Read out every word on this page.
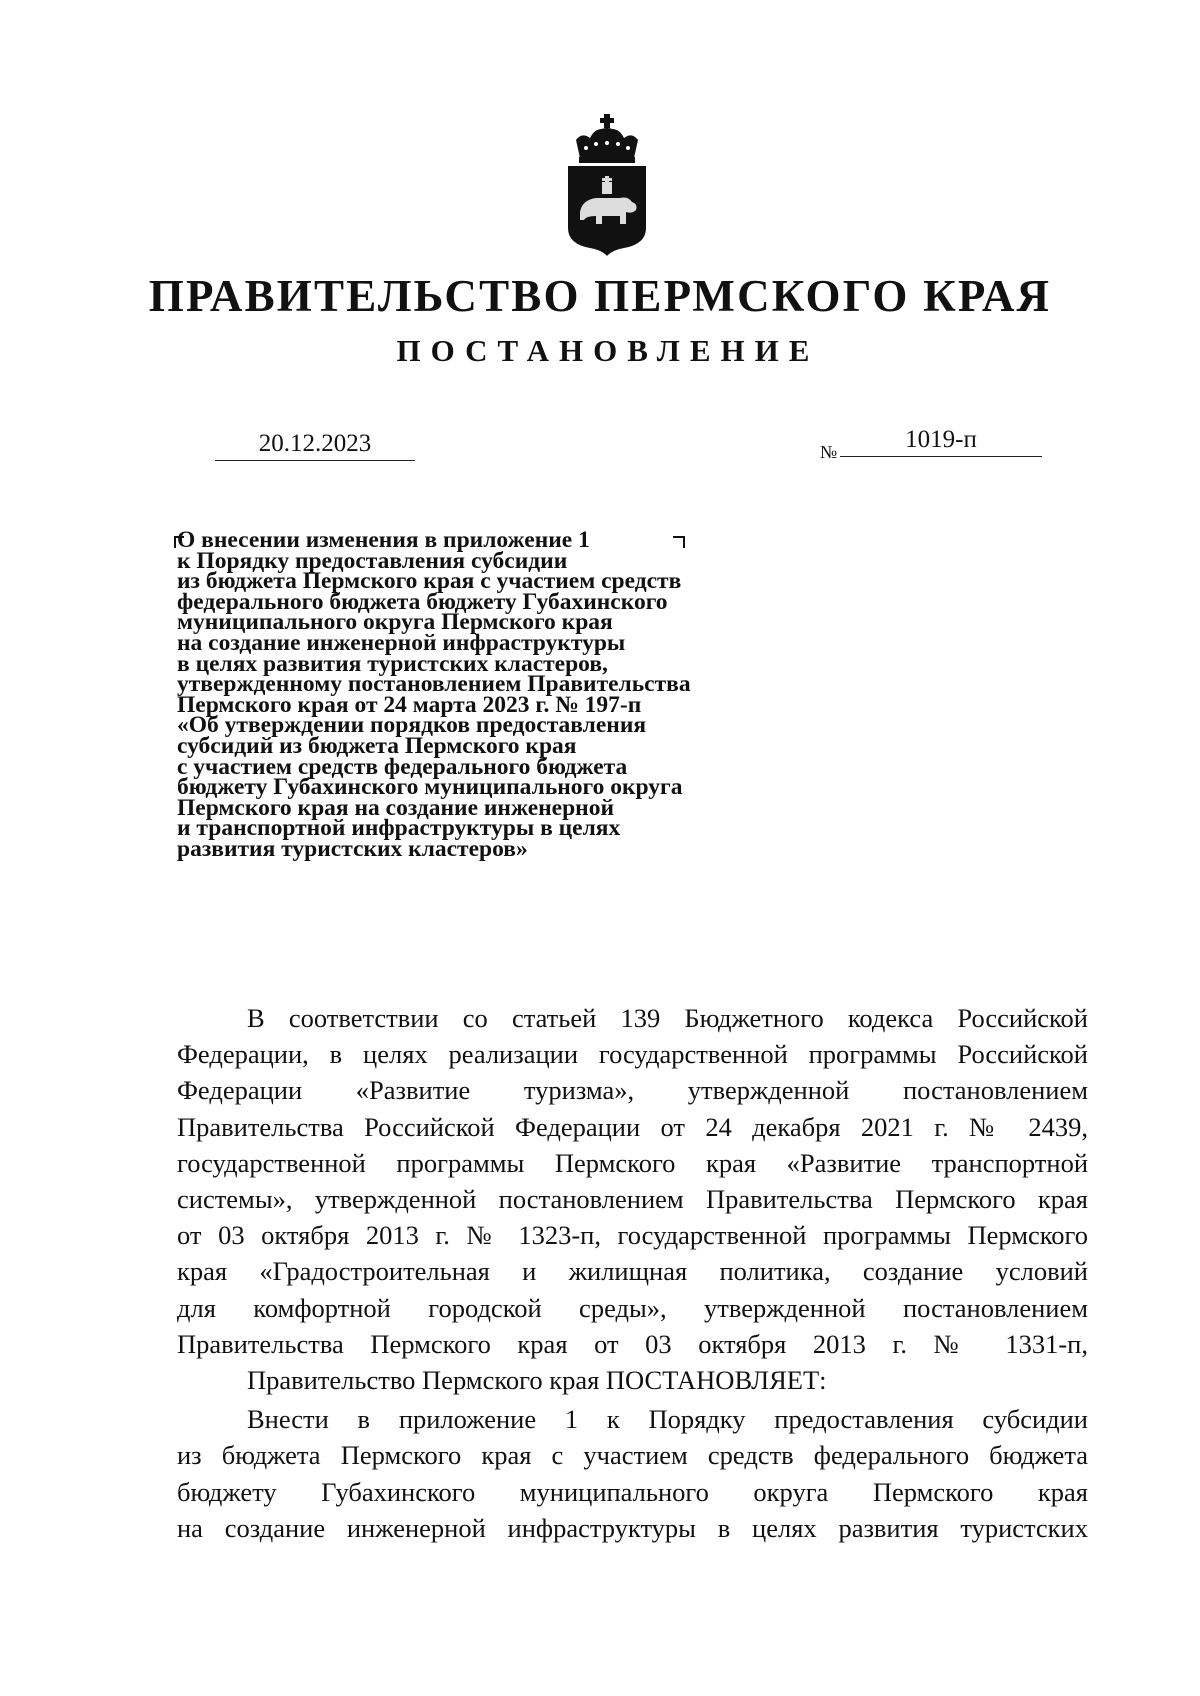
ПРАВИТЕЛЬСТВО ПЕРМСКОГО КРАЯ
ПОСТАНОВЛЕНИЕ
20.12.2023	№	1019-п
О внесении изменения в приложение 1
к Порядку предоставления субсидии
из бюджета Пермского края с участием средств
федерального бюджета бюджету Губахинского
муниципального округа Пермского края
на создание инженерной инфраструктуры
в целях развития туристских кластеров,
утвержденному постановлением Правительства
Пермского края от 24 марта 2023 г. № 197-п
«Об утверждении порядков предоставления
субсидий из бюджета Пермского края
с участием средств федерального бюджета
бюджету Губахинского муниципального округа
Пермского края на создание инженерной
и транспортной инфраструктуры в целях
развития туристских кластеров»
В соответствии со статьей 139 Бюджетного кодекса Российской
Федерации, в целях реализации государственной программы Российской
Федерации «Развитие туризма», утвержденной постановлением
Правительства Российской Федерации от 24 декабря 2021 г. № 2439,
государственной программы Пермского края «Развитие транспортной
системы», утвержденной постановлением Правительства Пермского края
от 03 октября 2013 г. № 1323-п, государственной программы Пермского
края «Градостроительная и жилищная политика, создание условий
для комфортной городской среды», утвержденной постановлением
Правительства Пермского края от 03 октября 2013 г. № 1331-п,
Правительство Пермского края ПОСТАНОВЛЯЕТ:
Внести в приложение 1 к Порядку предоставления субсидии
из бюджета Пермского края с участием средств федерального бюджета
бюджету Губахинского муниципального округа Пермского края
на создание инженерной инфраструктуры в целях развития туристских
